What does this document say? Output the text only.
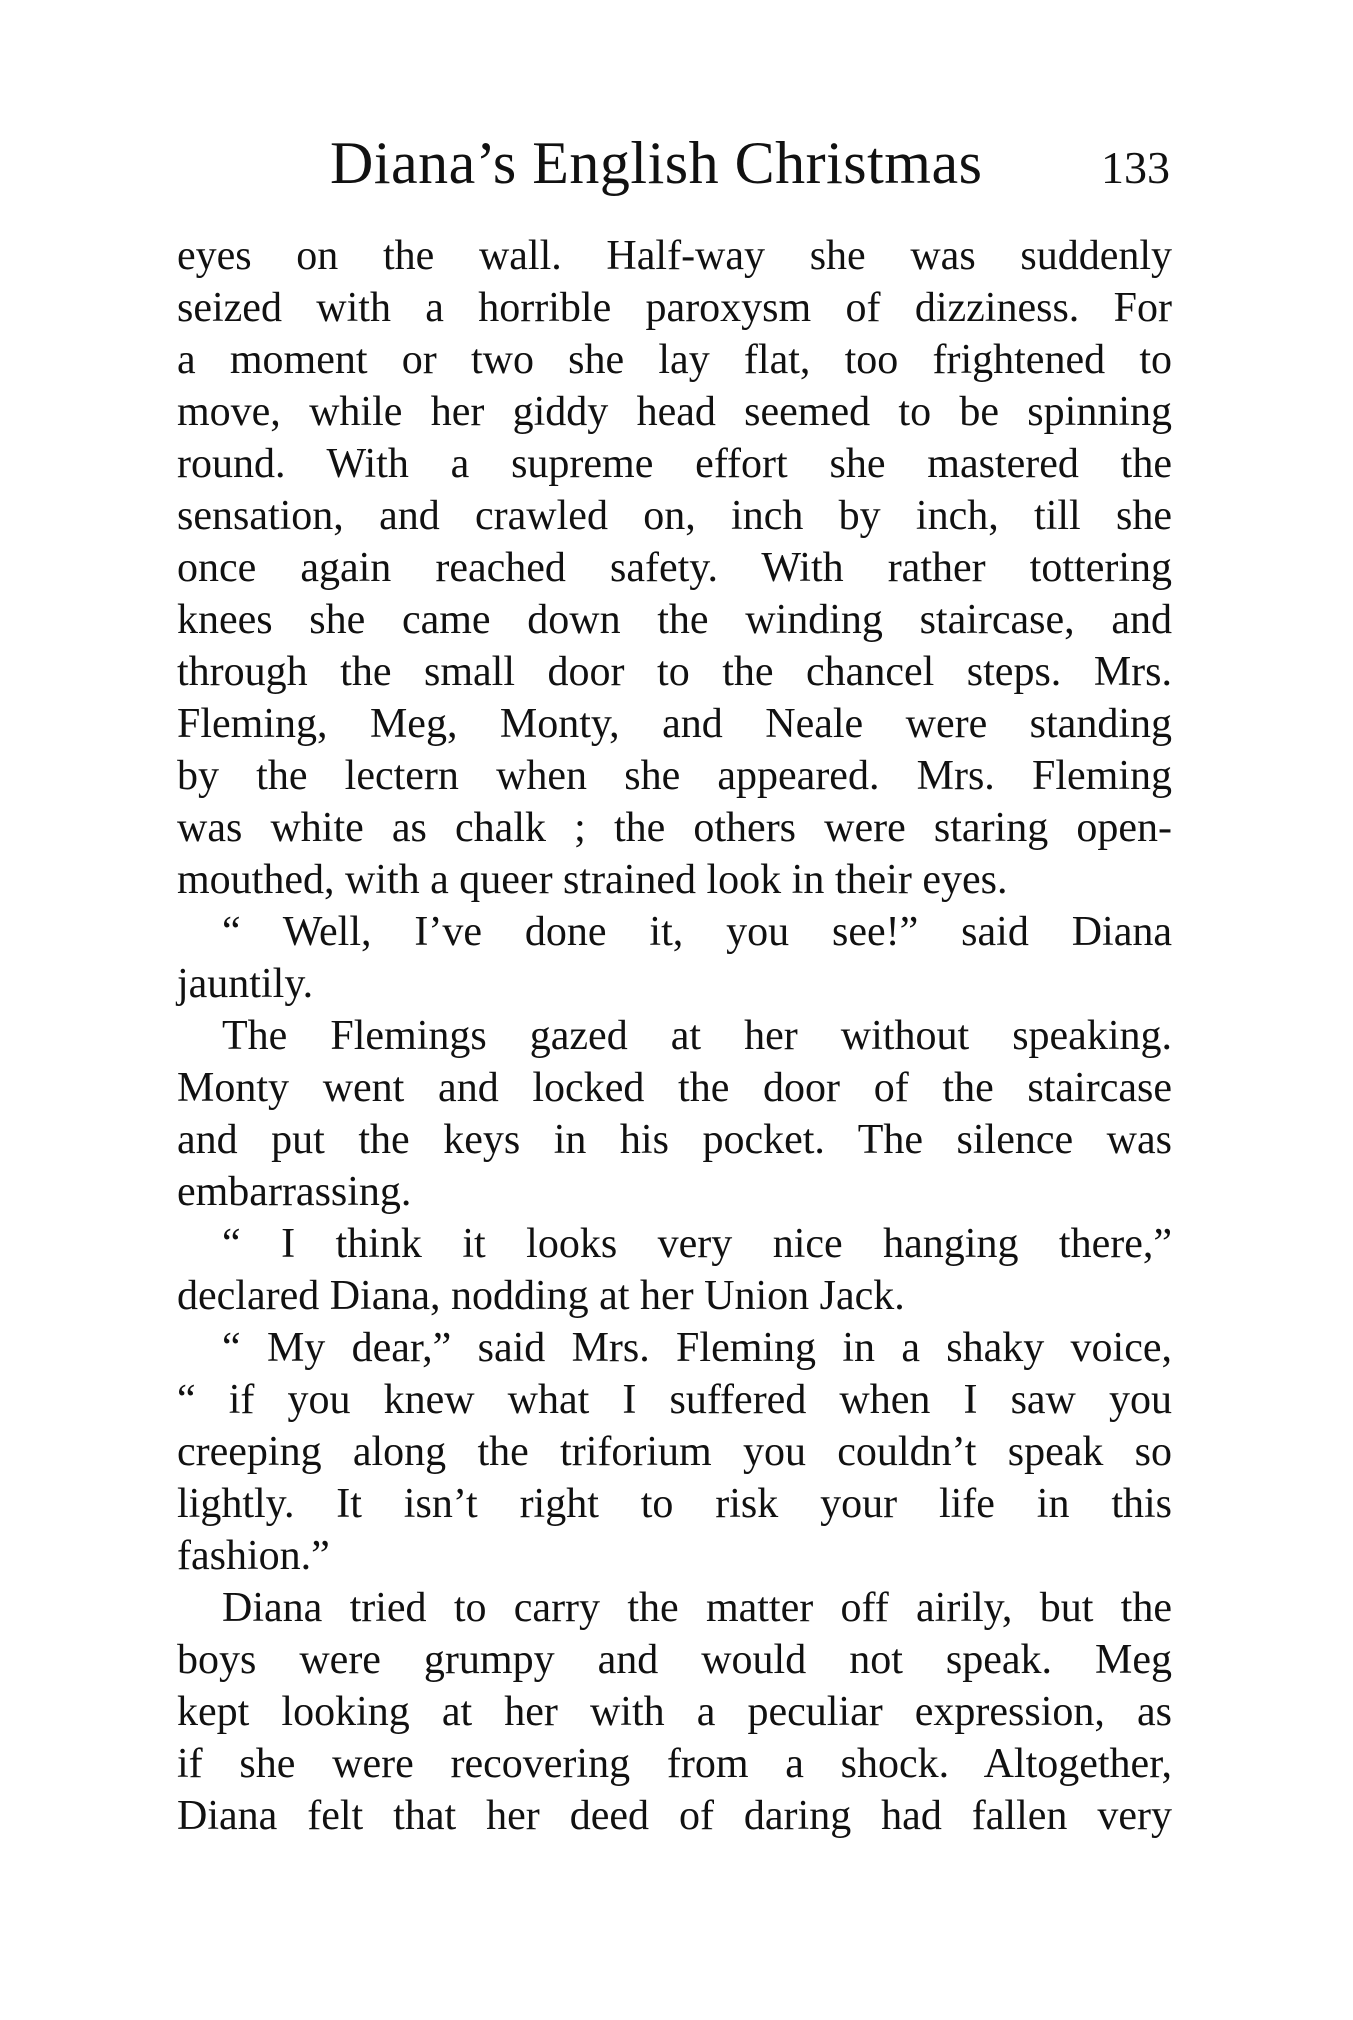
Diana’s English Christmas	133
eyes on the wall. Half-way she was suddenly
seized with a horrible paroxysm of dizziness. For
a moment or two she lay flat, too frightened to
move, while her giddy head seemed to be spinning
round. With a supreme effort she mastered the
sensation, and crawled on, inch by inch, till she
once again reached safety. With rather tottering
knees she came down the winding staircase, and
through the small door to the chancel steps. Mrs.
Fleming, Meg, Monty, and Neale were standing
by the lectern when she appeared. Mrs. Fleming
was white as chalk ; the others were staring open-
mouthed, with a queer strained look in their eyes.
“ Well, I’ve done it, you see!” said Diana
jauntily.
The Flemings gazed at her without speaking.
Monty went and locked the door of the staircase
and put the keys in his pocket. The silence was
embarrassing.
“ I think it looks very nice hanging there,”
declared Diana, nodding at her Union Jack.
“ My dear,” said Mrs. Fleming in a shaky voice,
“ if you knew what I suffered when I saw you
creeping along the triforium you couldn’t speak so
lightly. It isn’t right to risk your life in this
fashion.”
Diana tried to carry the matter off airily, but the
boys were grumpy and would not speak. Meg
kept looking at her with a peculiar expression, as
if she were recovering from a shock. Altogether,
Diana felt that her deed of daring had fallen very
